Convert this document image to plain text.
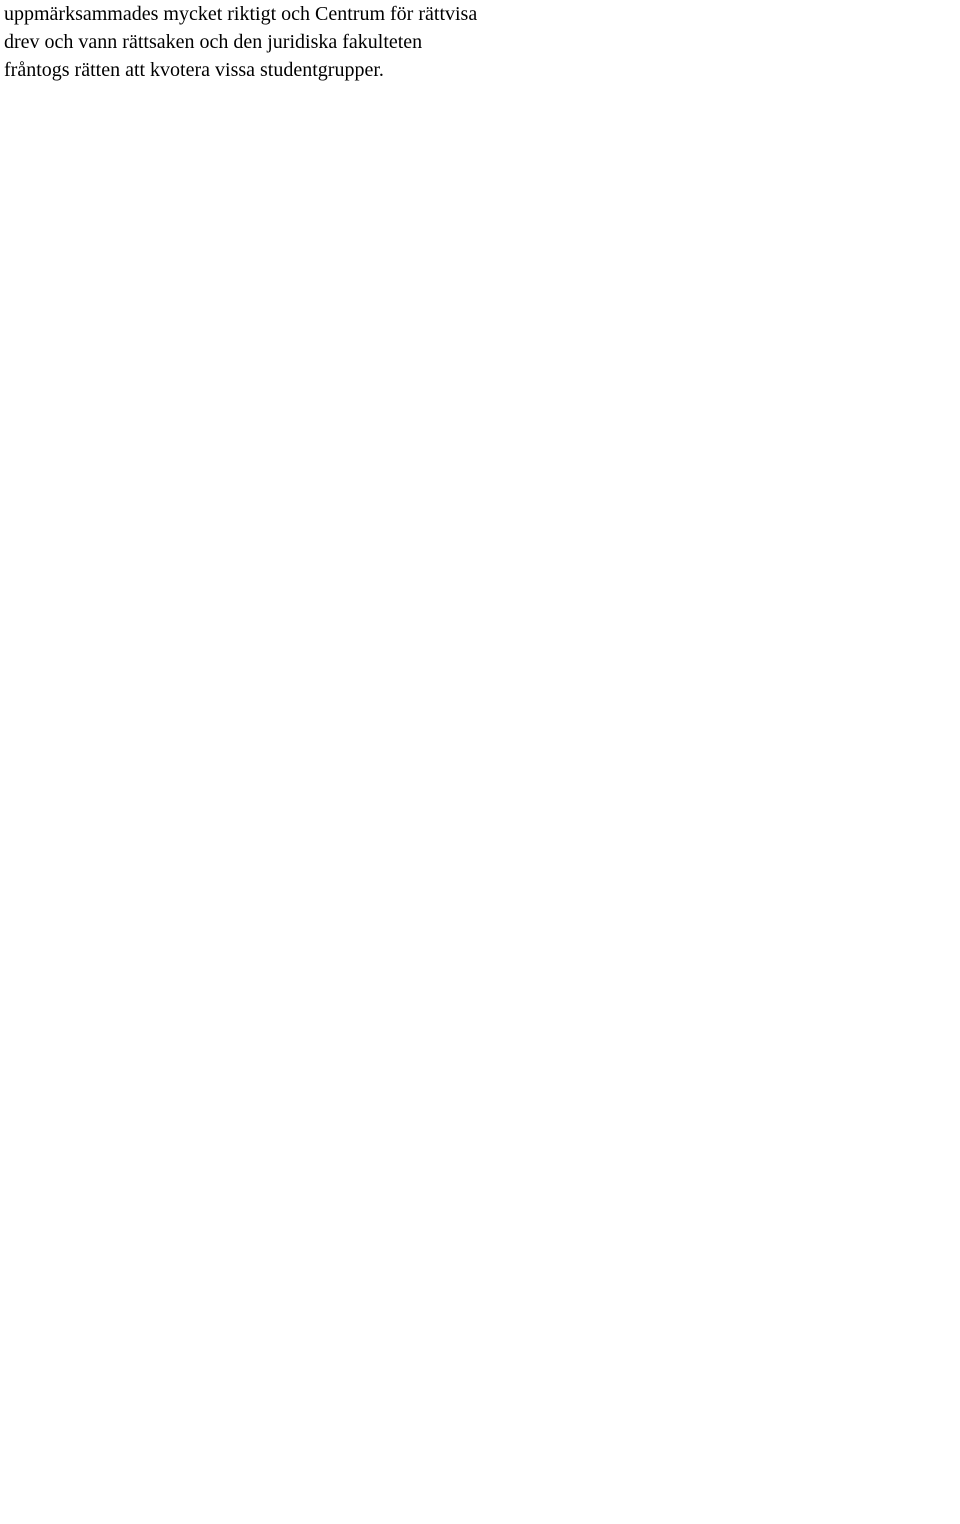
uppmärksammades mycket riktigt och Centrum för rättvisa drev och vann rättsaken och den juridiska fakulteten fråntogs rätten att kvotera vissa studentgrupper.
